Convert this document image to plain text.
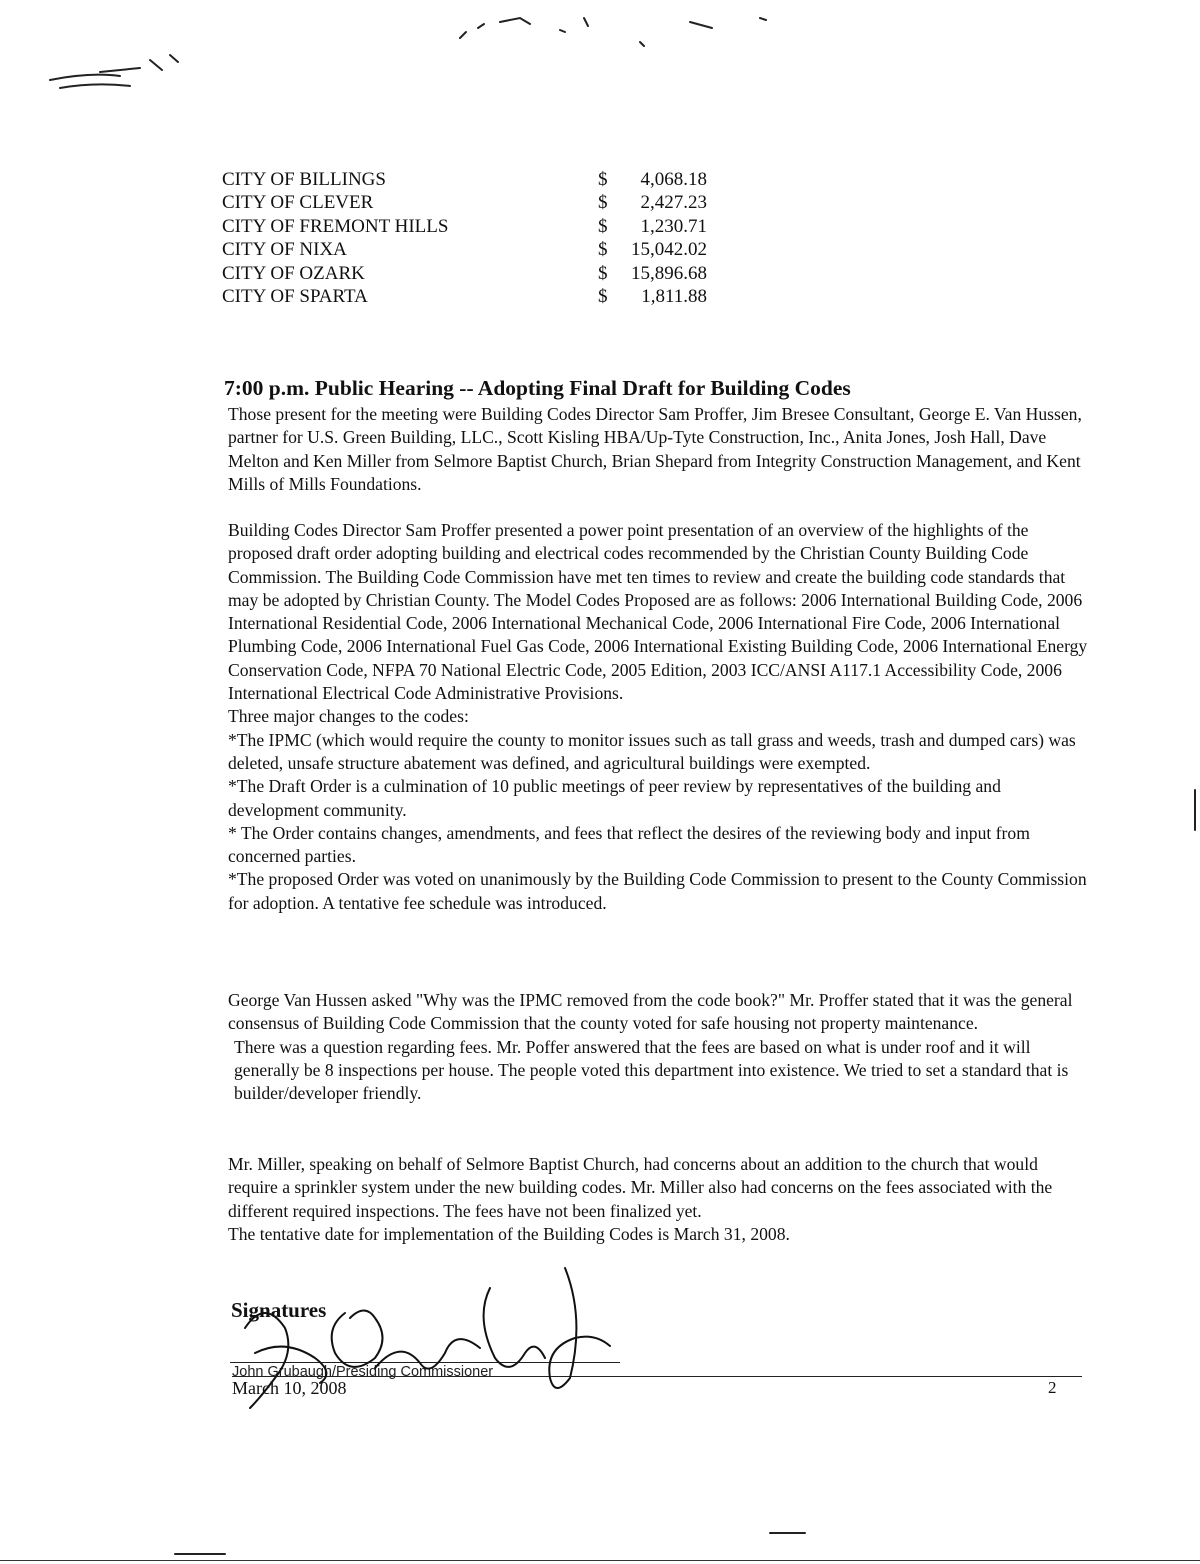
CITY OF BILLINGS	$ 4,068.18
CITY OF CLEVER	$ 2,427.23
CITY OF FREMONT HILLS	$ 1,230.71
CITY OF NIXA	$ 15,042.02
CITY OF OZARK	$ 15,896.68
CITY OF SPARTA	$ 1,811.88
7:00 p.m. Public Hearing -- Adopting Final Draft for Building Codes

Those present for the meeting were Building Codes Director Sam Proffer, Jim Bresee Consultant, George E. Van Hussen, partner for U.S. Green Building, LLC., Scott Kisling HBA/Up-Tyte Construction, Inc., Anita Jones, Josh Hall, Dave Melton and Ken Miller from Selmore Baptist Church, Brian Shepard from Integrity Construction Management, and Kent Mills of Mills Foundations.

Building Codes Director Sam Proffer presented a power point presentation of an overview of the highlights of the proposed draft order adopting building and electrical codes recommended by the Christian County Building Code Commission. The Building Code Commission have met ten times to review and create the building code standards that may be adopted by Christian County. The Model Codes Proposed are as follows: 2006 International Building Code, 2006 International Residential Code, 2006 International Mechanical Code, 2006 International Fire Code, 2006 International Plumbing Code, 2006 International Fuel Gas Code, 2006 International Existing Building Code, 2006 International Energy Conservation Code, NFPA 70 National Electric Code, 2005 Edition, 2003 ICC/ANSI A117.1 Accessibility Code, 2006 International Electrical Code Administrative Provisions.

Three major changes to the codes:

*The IPMC (which would require the county to monitor issues such as tall grass and weeds, trash and dumped cars) was deleted, unsafe structure abatement was defined, and agricultural buildings were exempted.

*The Draft Order is a culmination of 10 public meetings of peer review by representatives of the building and development community.

* The Order contains changes, amendments, and fees that reflect the desires of the reviewing body and input from concerned parties.

*The proposed Order was voted on unanimously by the Building Code Commission to present to the County Commission for adoption. A tentative fee schedule was introduced.

George Van Hussen asked "Why was the IPMC removed from the code book?" Mr. Proffer stated that it was the general consensus of Building Code Commission that the county voted for safe housing not property maintenance.

There was a question regarding fees. Mr. Poffer answered that the fees are based on what is under roof and it will generally be 8 inspections per house. The people voted this department into existence. We tried to set a standard that is builder/developer friendly.

Mr. Miller, speaking on behalf of Selmore Baptist Church, had concerns about an addition to the church that would require a sprinkler system under the new building codes. Mr. Miller also had concerns on the fees associated with the different required inspections. The fees have not been finalized yet.

The tentative date for implementation of the Building Codes is March 31, 2008.

Signatures
John Grubaugh/Presiding Commissioner
March 10, 2008	2
